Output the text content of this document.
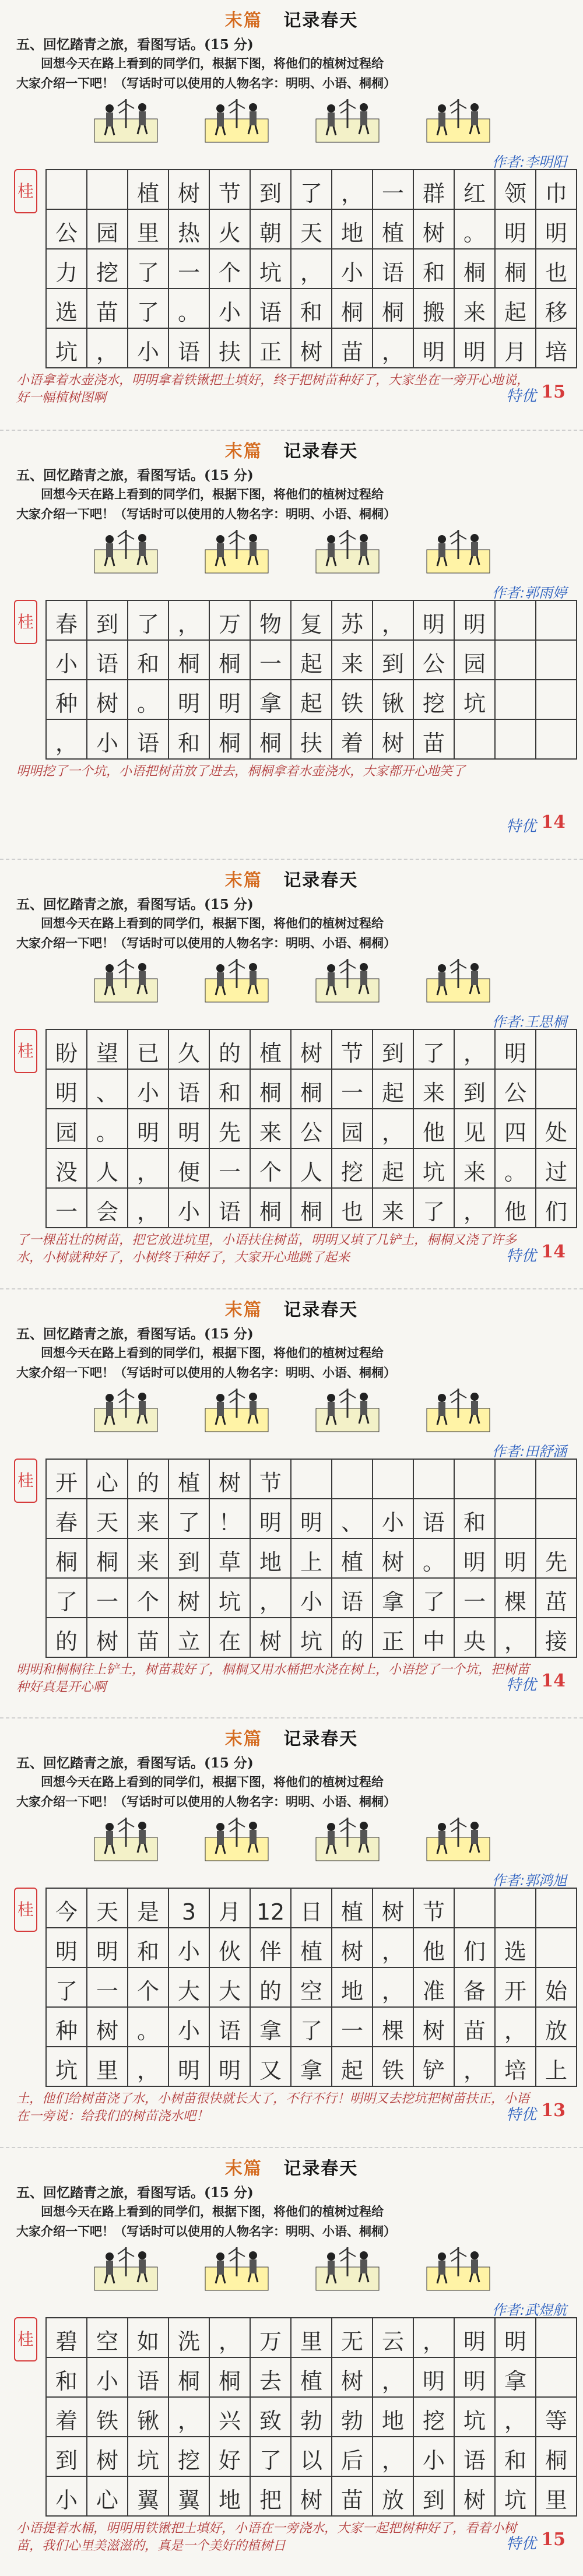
末篇 记录春天
五、回忆踏青之旅，看图写话。(15 分)
回想今天在路上看到的同学们，根据下图，将他们的植树过程给
大家介绍一下吧！（写话时可以使用的人物名字：明明、小语、桐桐）
桂
作者:李明阳
		植	树	节	到	了	，	一	群	红	领	巾
公	园	里	热	火	朝	天	地	植	树	。	明	明
力	挖	了	一	个	坑	，	小	语	和	桐	桐	也
选	苗	了	。	小	语	和	桐	桐	搬	来	起	移
坑	，	小	语	扶	正	树	苗	，	明	明	月	培
小语拿着水壶浇水，明明拿着铁锹把土填好，终于把树苗种好了，大家坐在一旁开心地说，好一幅植树图啊	特优 15
末篇 记录春天
五、回忆踏青之旅，看图写话。(15 分)
回想今天在路上看到的同学们，根据下图，将他们的植树过程给
大家介绍一下吧！（写话时可以使用的人物名字：明明、小语、桐桐）
桂
作者:郭雨婷
春	到	了	，	万	物	复	苏	，	明	明		
小	语	和	桐	桐	一	起	来	到	公	园		
种	树	。	明	明	拿	起	铁	锹	挖	坑		
，	小	语	和	桐	桐	扶	着	树	苗			
明明挖了一个坑，小语把树苗放了进去，桐桐拿着水壶浇水，大家都开心地笑了
特优 14
末篇 记录春天
五、回忆踏青之旅，看图写话。(15 分)
回想今天在路上看到的同学们，根据下图，将他们的植树过程给
大家介绍一下吧！（写话时可以使用的人物名字：明明、小语、桐桐）
桂
作者:王思桐
盼	望	已	久	的	植	树	节	到	了	，	明	
明	、	小	语	和	桐	桐	一	起	来	到	公	
园	。	明	明	先	来	公	园	，	他	见	四	处
没	人	，	便	一	个	人	挖	起	坑	来	。	过
一	会	，	小	语	桐	桐	也	来	了	，	他	们
了一棵茁壮的树苗，把它放进坑里，小语扶住树苗，明明又填了几铲土，桐桐又浇了许多水，小树就种好了，小树终于种好了，大家开心地跳了起来	特优 14
末篇 记录春天
五、回忆踏青之旅，看图写话。(15 分)
回想今天在路上看到的同学们，根据下图，将他们的植树过程给
大家介绍一下吧！（写话时可以使用的人物名字：明明、小语、桐桐）
桂
作者:田舒涵
开	心	的	植	树	节							
春	天	来	了	！	明	明	、	小	语	和		
桐	桐	来	到	草	地	上	植	树	。	明	明	先
了	一	个	树	坑	，	小	语	拿	了	一	棵	茁
的	树	苗	立	在	树	坑	的	正	中	央	，	接
明明和桐桐往上铲土，树苗栽好了，桐桐又用水桶把水浇在树上，小语挖了一个坑，把树苗种好真是开心啊	特优 14
末篇 记录春天
五、回忆踏青之旅，看图写话。(15 分)
回想今天在路上看到的同学们，根据下图，将他们的植树过程给
大家介绍一下吧！（写话时可以使用的人物名字：明明、小语、桐桐）
桂
作者:郭鸿旭
今	天	是	3	月	12	日	植	树	节			
明	明	和	小	伙	伴	植	树	，	他	们	选	
了	一	个	大	大	的	空	地	，	准	备	开	始
种	树	。	小	语	拿	了	一	棵	树	苗	，	放
坑	里	，	明	明	又	拿	起	铁	铲	，	培	上
土，他们给树苗浇了水，小树苗很快就长大了，不行不行！明明又去挖坑把树苗扶正，小语在一旁说：给我们的树苗浇水吧！	特优 13
末篇 记录春天
五、回忆踏青之旅，看图写话。(15 分)
回想今天在路上看到的同学们，根据下图，将他们的植树过程给
大家介绍一下吧！（写话时可以使用的人物名字：明明、小语、桐桐）
桂
作者:武煜航
碧	空	如	洗	，	万	里	无	云	，	明	明	
和	小	语	桐	桐	去	植	树	，	明	明	拿	
着	铁	锹	，	兴	致	勃	勃	地	挖	坑	，	等
到	树	坑	挖	好	了	以	后	，	小	语	和	桐
小	心	翼	翼	地	把	树	苗	放	到	树	坑	里
小语提着水桶，明明用铁锹把土填好，小语在一旁浇水，大家一起把树种好了，看着小树苗，我们心里美滋滋的，真是一个美好的植树日	特优 15
